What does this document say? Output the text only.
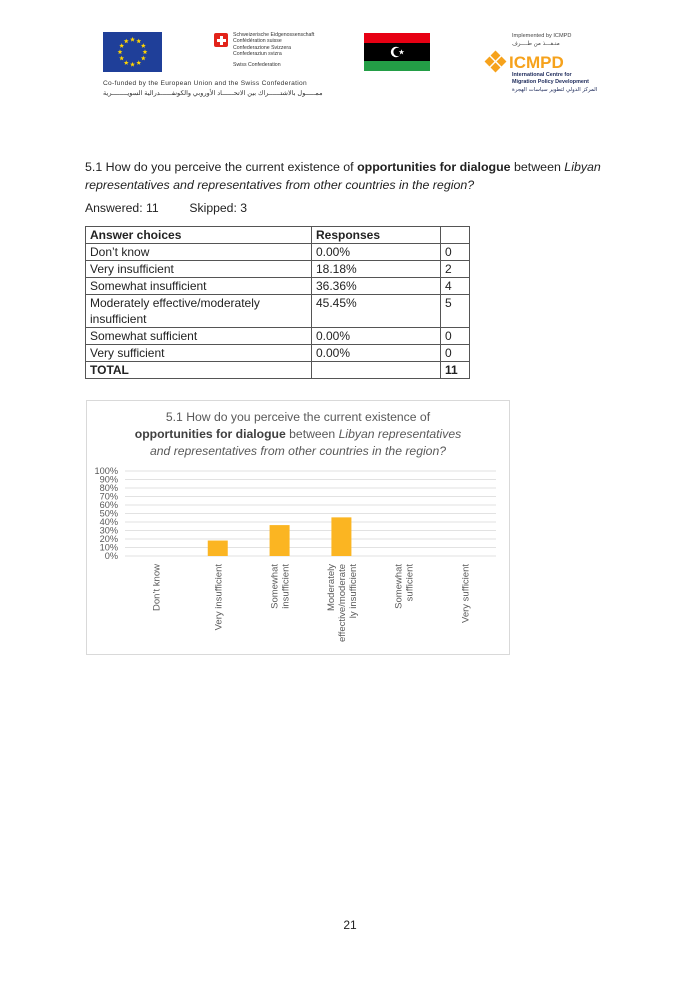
Schweizerische Eidgenossenschaft
Confédération suisse
Confederazione Svizzera
Confederaziun svizra
Swiss Confederation
Implemented by ICMPD
منـفـــذ من طــــرف
ICMPD
International Centre for
Migration Policy Development
المركز الدولي لتطوير سياسات الهجرة
Co-funded by the European Union and the Swiss Confederation
ممـــــول بالاشتــــــراك بين الاتحــــــاد الأوروبي والكونفــــــدرالية السويــــــــرية
5.1 How do you perceive the current existence of opportunities for dialogue between Libyan representatives and representatives from other countries in the region?
Answered: 11	Skipped: 3
Answer choices	Responses	
Don’t know	0.00%	0
Very insufficient	18.18%	2
Somewhat insufficient	36.36%	4
Moderately effective/moderately insufficient	45.45%	5
Somewhat sufficient	0.00%	0
Very sufficient	0.00%	0
TOTAL		11
5.1 How do you perceive the current existence of
opportunities for dialogue between Libyan representatives
and representatives from other countries in the region?
0%
10%
20%
30%
40%
50%
60%
70%
80%
90%
100%
Don’t know	Very insufficient	Somewhat insufficient	Moderately effective/moderate ly insufficient	Somewhat sufficient	Very sufficient
21
